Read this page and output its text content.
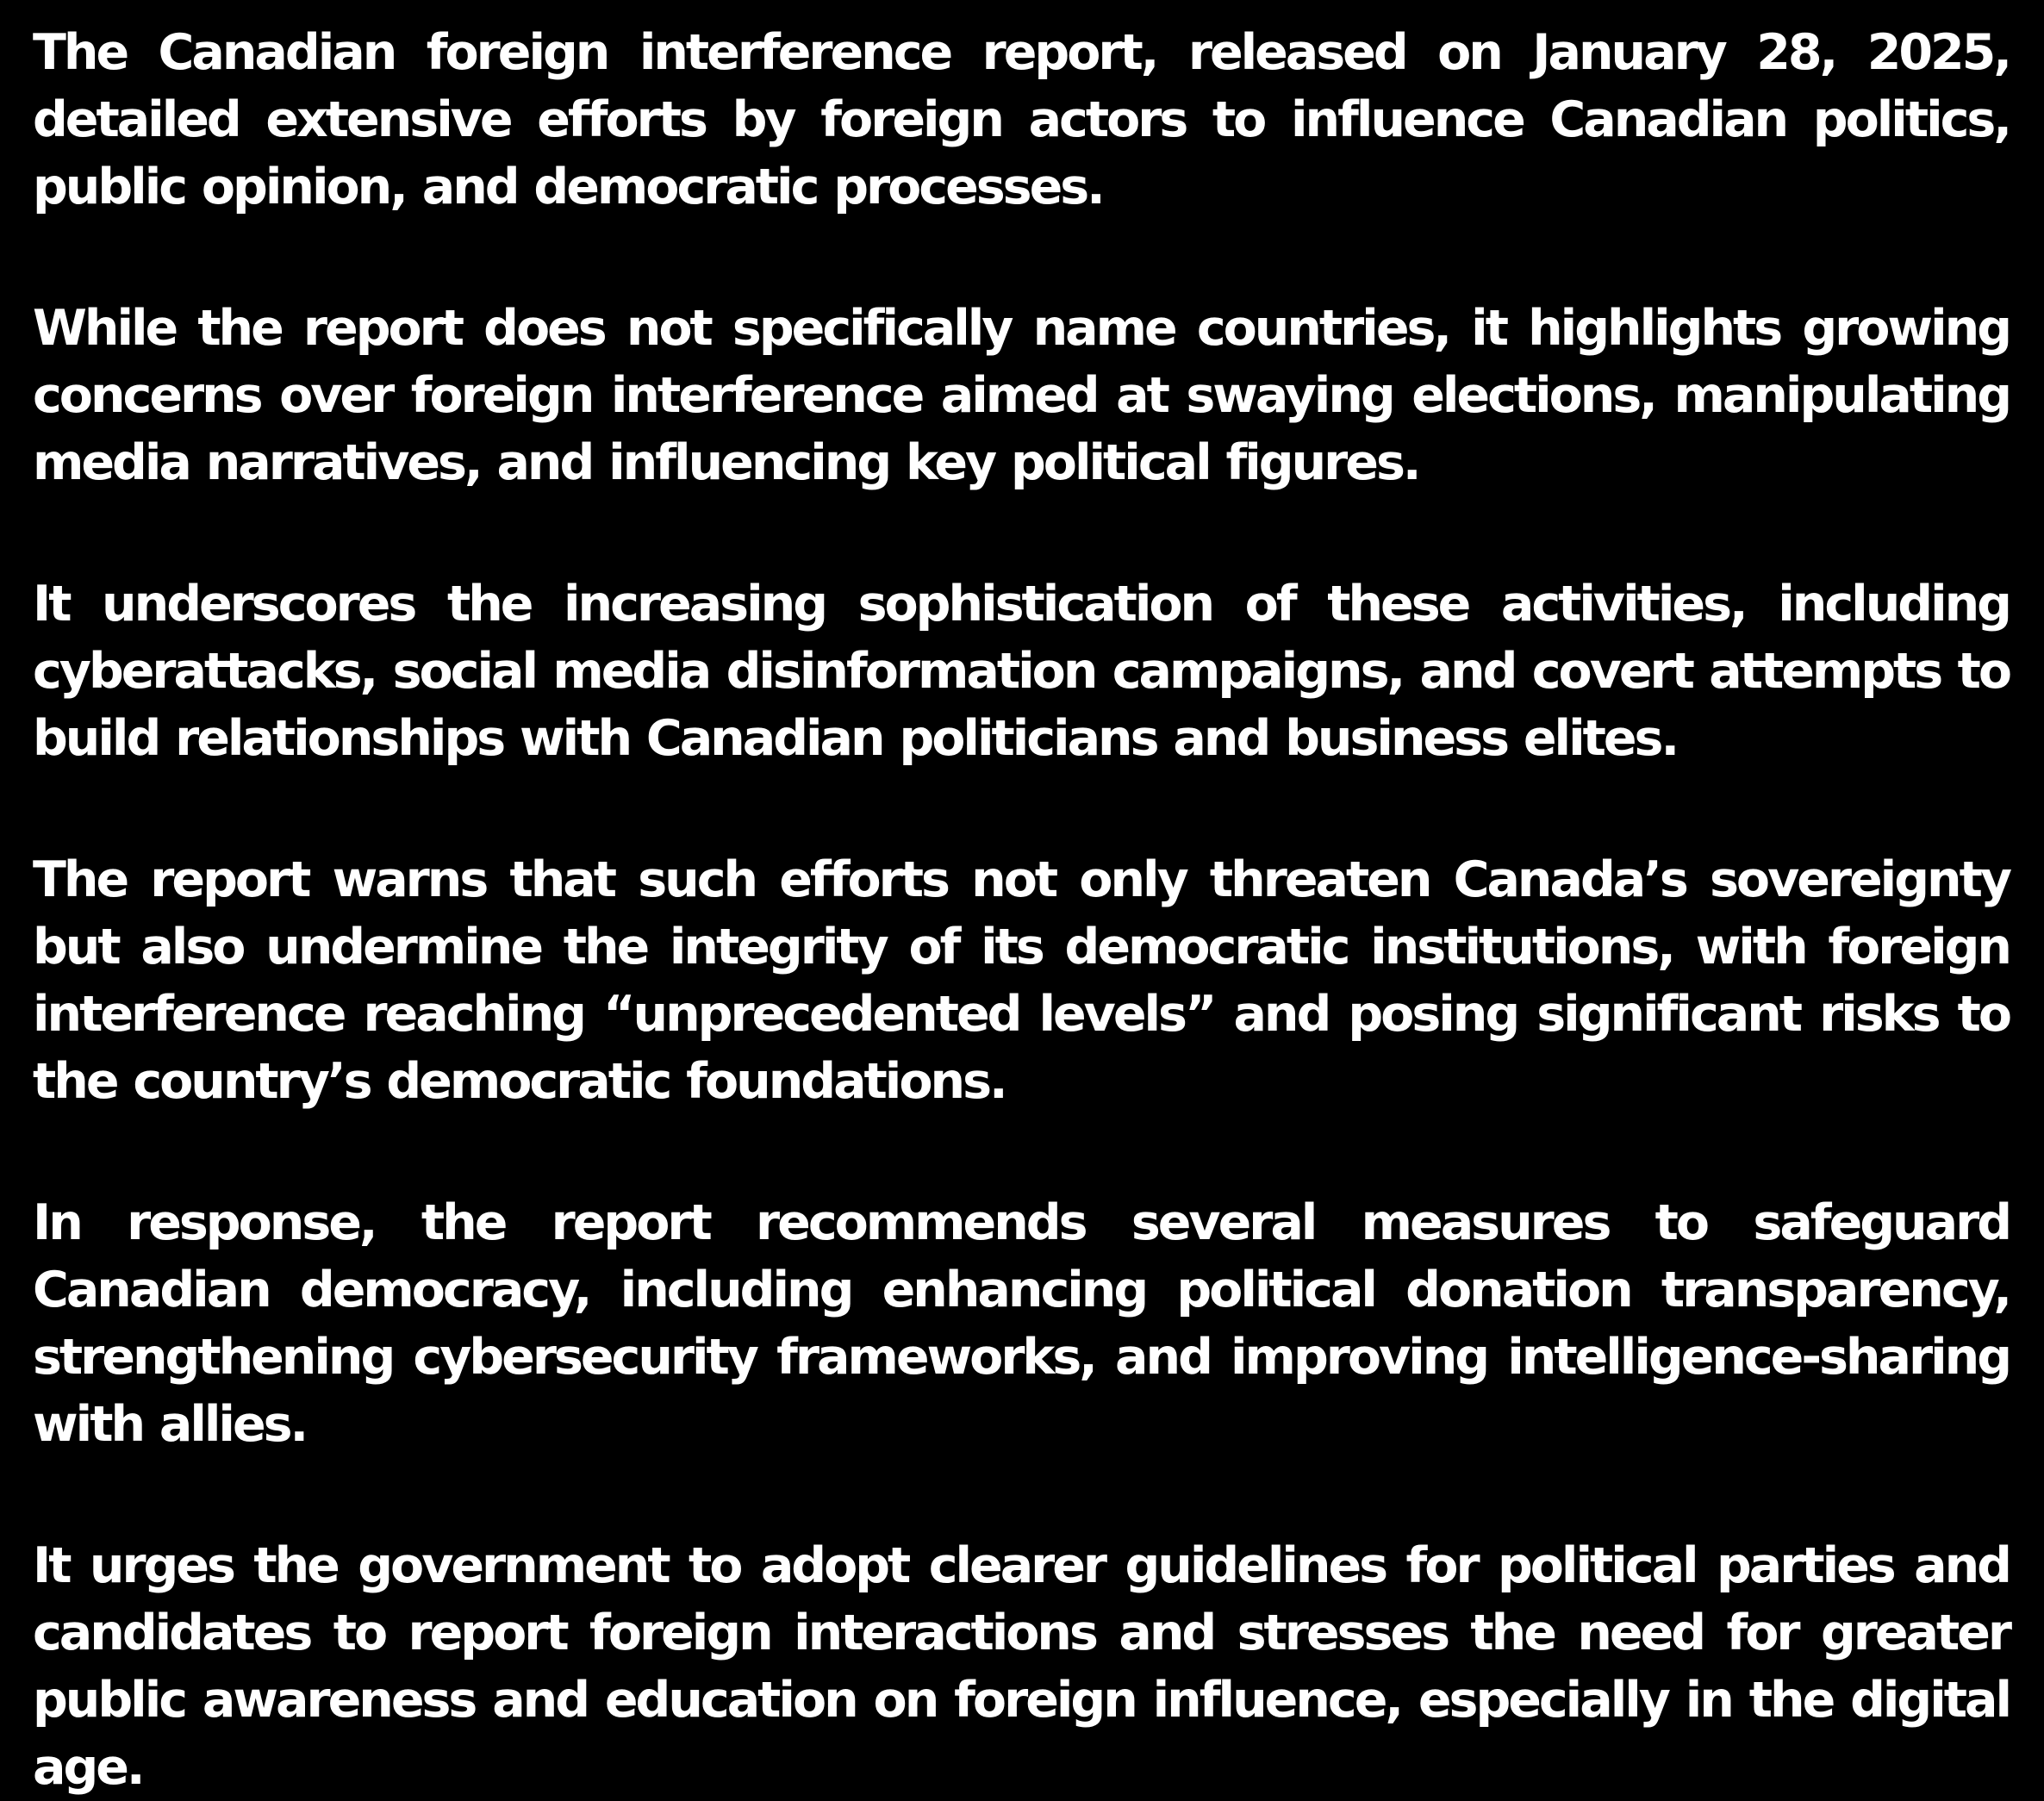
The Canadian foreign interference report, released on January 28, 2025, detailed extensive efforts by foreign actors to influence Canadian politics, public opinion, and democratic processes.

While the report does not specifically name countries, it highlights growing concerns over foreign interference aimed at swaying elections, manipulating media narratives, and influencing key political figures.

It underscores the increasing sophistication of these activities, including cyberattacks, social media disinformation campaigns, and covert attempts to build relationships with Canadian politicians and business elites.

The report warns that such efforts not only threaten Canada’s sovereignty but also undermine the integrity of its democratic institutions, with foreign interference reaching “unprecedented levels” and posing significant risks to the country’s democratic foundations.

In response, the report recommends several measures to safeguard Canadian democracy, including enhancing political donation transparency, strengthening cybersecurity frameworks, and improving intelligence-sharing with allies.

It urges the government to adopt clearer guidelines for political parties and candidates to report foreign interactions and stresses the need for greater public awareness and education on foreign influence, especially in the digital age.
